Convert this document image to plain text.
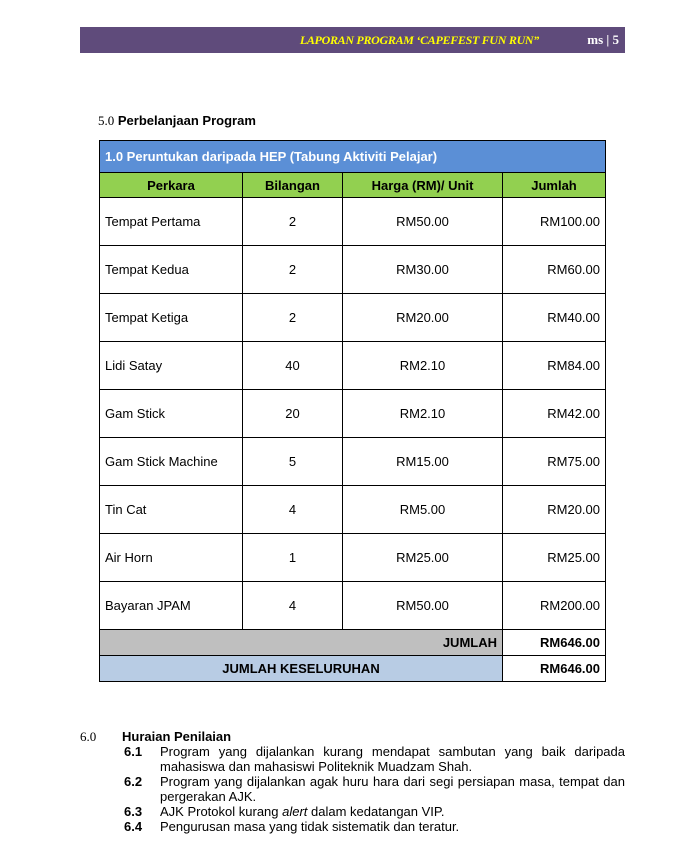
LAPORAN PROGRAM ‘CAPEFEST FUN RUN”	ms | 5
5.0 Perbelanjaan Program
1.0 Peruntukan daripada HEP (Tabung Aktiviti Pelajar)			
Perkara	Bilangan	Harga (RM)/ Unit	Jumlah
Tempat Pertama	2	RM50.00	RM100.00
Tempat Kedua	2	RM30.00	RM60.00
Tempat Ketiga	2	RM20.00	RM40.00
Lidi Satay	40	RM2.10	RM84.00
Gam Stick	20	RM2.10	RM42.00
Gam Stick Machine	5	RM15.00	RM75.00
Tin Cat	4	RM5.00	RM20.00
Air Horn	1	RM25.00	RM25.00
Bayaran JPAM	4	RM50.00	RM200.00
JUMLAH			RM646.00
JUMLAH KESELURUHAN			RM646.00
6.0 Huraian Penilaian
6.1 Program yang dijalankan kurang mendapat sambutan yang baik daripada mahasiswa dan mahasiswi Politeknik Muadzam Shah.
6.2 Program yang dijalankan agak huru hara dari segi persiapan masa, tempat dan pergerakan AJK.
6.3 AJK Protokol kurang alert dalam kedatangan VIP.
6.4 Pengurusan masa yang tidak sistematik dan teratur.
